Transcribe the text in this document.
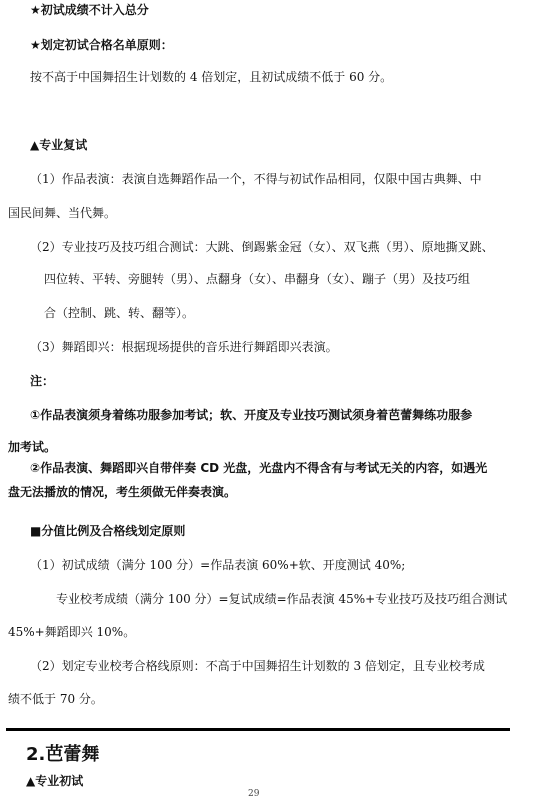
★初试成绩不计入总分
★划定初试合格名单原则：
按不高于中国舞招生计划数的 4 倍划定，且初试成绩不低于 60 分。
▲专业复试
（1）作品表演：表演自选舞蹈作品一个，不得与初试作品相同，仅限中国古典舞、中
国民间舞、当代舞。
（2）专业技巧及技巧组合测试：大跳、倒踢紫金冠（女）、双飞燕（男）、原地撕叉跳、
四位转、平转、旁腿转（男）、点翻身（女）、串翻身（女）、蹦子（男）及技巧组
合（控制、跳、转、翻等）。
（3）舞蹈即兴：根据现场提供的音乐进行舞蹈即兴表演。
注：
①作品表演须身着练功服参加考试；软、开度及专业技巧测试须身着芭蕾舞练功服参
加考试。
②作品表演、舞蹈即兴自带伴奏 CD 光盘，光盘内不得含有与考试无关的内容，如遇光
盘无法播放的情况，考生须做无伴奏表演。
■分值比例及合格线划定原则
（1）初试成绩（满分 100 分）=作品表演 60%+软、开度测试 40%;
专业校考成绩（满分 100 分）=复试成绩=作品表演 45%+专业技巧及技巧组合测试
45%+舞蹈即兴 10%。
（2）划定专业校考合格线原则：不高于中国舞招生计划数的 3 倍划定，且专业校考成
绩不低于 70 分。
2.芭蕾舞
▲专业初试
29
